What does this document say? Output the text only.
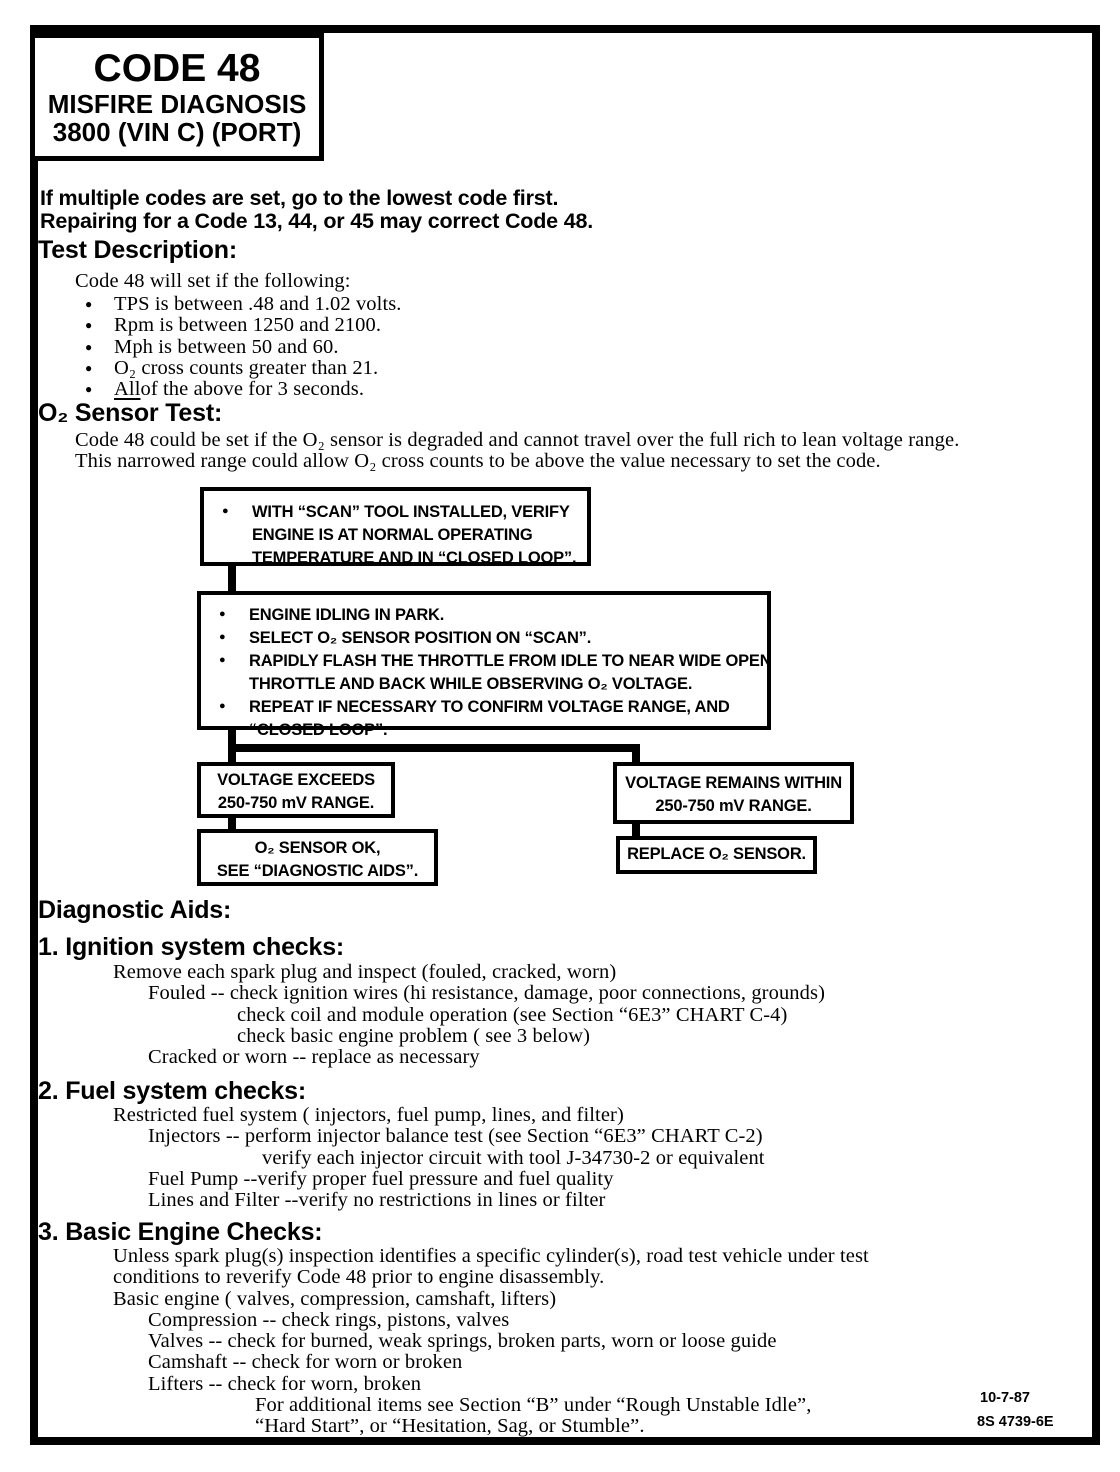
CODE 48
MISFIRE DIAGNOSIS
3800 (VIN C) (PORT)
If multiple codes are set, go to the lowest code first.
Repairing for a Code 13, 44, or 45 may correct Code 48.
Test Description:
Code 48 will set if the following:
●	TPS is between .48 and 1.02 volts.
●	Rpm is between 1250 and 2100.
●	Mph is between 50 and 60.
●	O₂ cross counts greater than 21.
●	All of the above for 3 seconds.
O₂ Sensor Test:
Code 48 could be set if the O₂ sensor is degraded and cannot travel over the full rich to lean voltage range.
This narrowed range could allow O₂ cross counts to be above the value necessary to set the code.
●	WITH “SCAN” TOOL INSTALLED, VERIFY
ENGINE IS AT NORMAL OPERATING
TEMPERATURE AND IN “CLOSED LOOP”.
●	ENGINE IDLING IN PARK.
●	SELECT O₂ SENSOR POSITION ON “SCAN”.
●	RAPIDLY FLASH THE THROTTLE FROM IDLE TO NEAR WIDE OPEN
THROTTLE AND BACK WHILE OBSERVING O₂ VOLTAGE.
●	REPEAT IF NECESSARY TO CONFIRM VOLTAGE RANGE, AND
“CLOSED LOOP”.
VOLTAGE EXCEEDS
250-750 mV RANGE.
VOLTAGE REMAINS WITHIN
250-750 mV RANGE.
O₂ SENSOR OK,
SEE “DIAGNOSTIC AIDS”.
REPLACE O₂ SENSOR.
Diagnostic Aids:
1. Ignition system checks:
Remove each spark plug and inspect (fouled, cracked, worn)
Fouled -- check ignition wires (hi resistance, damage, poor connections, grounds)
check coil and module operation (see Section “6E3” CHART C-4)
check basic engine problem ( see 3 below)
Cracked or worn -- replace as necessary
2. Fuel system checks:
Restricted fuel system ( injectors, fuel pump, lines, and filter)
Injectors -- perform injector balance test (see Section “6E3” CHART C-2)
verify each injector circuit with tool J-34730-2 or equivalent
Fuel Pump --verify proper fuel pressure and fuel quality
Lines and Filter --verify no restrictions in lines or filter
3. Basic Engine Checks:
Unless spark plug(s) inspection identifies a specific cylinder(s), road test vehicle under test
conditions to reverify Code 48 prior to engine disassembly.
Basic engine ( valves, compression, camshaft, lifters)
Compression -- check rings, pistons, valves
Valves -- check for burned, weak springs, broken parts, worn or loose guide
Camshaft -- check for worn or broken
Lifters -- check for worn, broken
For additional items see Section “B” under “Rough Unstable Idle”,
“Hard Start”, or “Hesitation, Sag, or Stumble”.
10-7-87
8S 4739-6E
